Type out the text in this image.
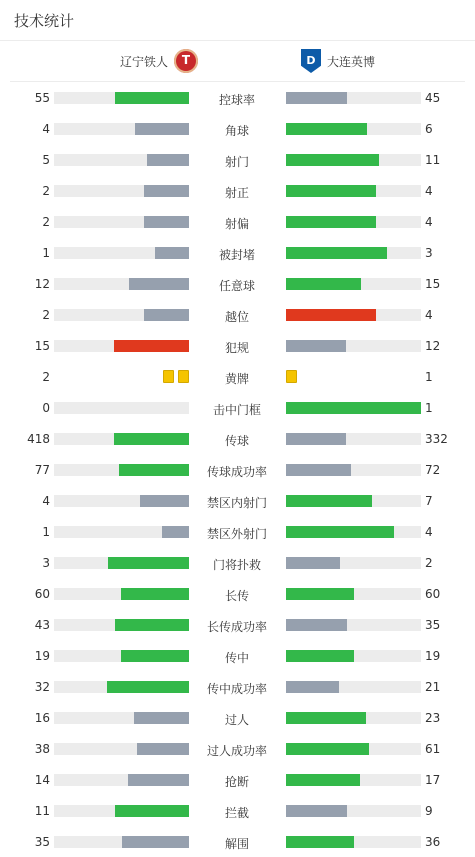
技术统计
辽宁铁人 T D	大连英博
55	控球率	45
4	角球	6
5	射门	11
2	射正	4
2	射偏	4
1	被封堵	3
12	任意球	15
2	越位	4
15	犯规	12
2	黄牌	1
0	击中门框	1
418	传球	332
77	传球成功率	72
4	禁区内射门	7
1	禁区外射门	4
3	门将扑救	2
60	长传	60
43	长传成功率	35
19	传中	19
32	传中成功率	21
16	过人	23
38	过人成功率	61
14	抢断	17
11	拦截	9
35	解围	36
